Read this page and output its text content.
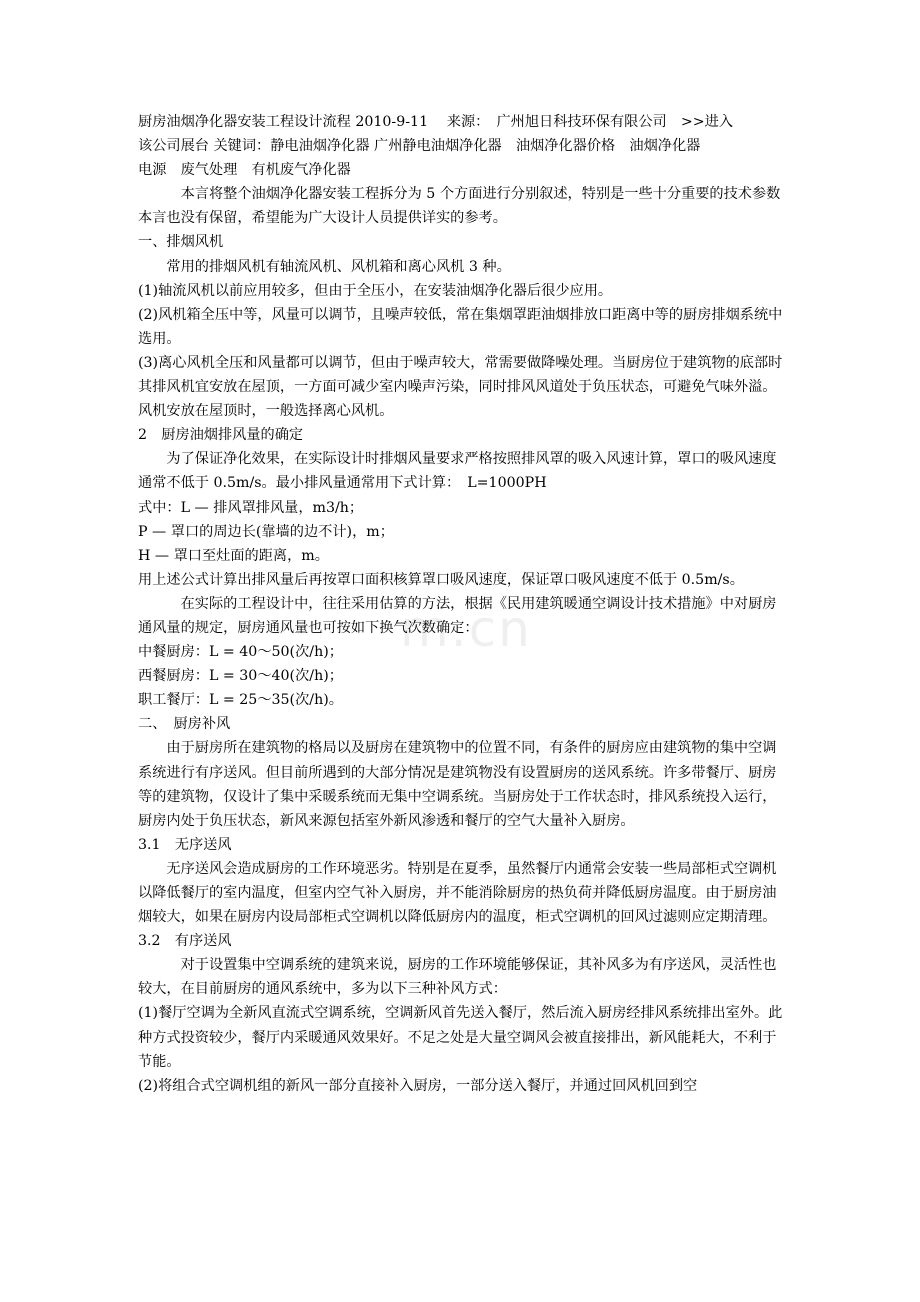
m.cn

厨房油烟净化器安装工程设计流程 2010-9-11　 来源：　广州旭日科技环保有限公司　>>进入

该公司展台 关键词：静电油烟净化器 广州静电油烟净化器　油烟净化器价格　油烟净化器

电源　废气处理　有机废气净化器

本言将整个油烟净化器安装工程拆分为 5 个方面进行分别叙述，特别是一些十分重要的技术参数本言也没有保留，希望能为广大设计人员提供详实的参考。

一、排烟风机

常用的排烟风机有轴流风机、风机箱和离心风机 3 种。

(1)轴流风机以前应用较多，但由于全压小，在安装油烟净化器后很少应用。

(2)风机箱全压中等，风量可以调节，且噪声较低，常在集烟罩距油烟排放口距离中等的厨房排烟系统中选用。

(3)离心风机全压和风量都可以调节，但由于噪声较大，常需要做降噪处理。当厨房位于建筑物的底部时其排风机宜安放在屋顶，一方面可减少室内噪声污染，同时排风风道处于负压状态，可避免气味外溢。风机安放在屋顶时，一般选择离心风机。

2　厨房油烟排风量的确定

为了保证净化效果，在实际设计时排烟风量要求严格按照排风罩的吸入风速计算，罩口的吸风速度通常不低于 0.5m/s。最小排风量通常用下式计算：　L=1000PH

式中：L — 排风罩排风量，m3/h；

P — 罩口的周边长(靠墙的边不计)，m；

H — 罩口至灶面的距离，m。

用上述公式计算出排风量后再按罩口面积核算罩口吸风速度，保证罩口吸风速度不低于 0.5m/s。

在实际的工程设计中，往往采用估算的方法，根据《民用建筑暖通空调设计技术措施》中对厨房通风量的规定，厨房通风量也可按如下换气次数确定：

中餐厨房：L = 40～50(次/h)；

西餐厨房：L = 30～40(次/h)；

职工餐厅：L = 25～35(次/h)。

二、　厨房补风

由于厨房所在建筑物的格局以及厨房在建筑物中的位置不同，有条件的厨房应由建筑物的集中空调系统进行有序送风。但目前所遇到的大部分情况是建筑物没有设置厨房的送风系统。许多带餐厅、厨房等的建筑物，仅设计了集中采暖系统而无集中空调系统。当厨房处于工作状态时，排风系统投入运行，厨房内处于负压状态，新风来源包括室外新风渗透和餐厅的空气大量补入厨房。

3.1　无序送风

无序送风会造成厨房的工作环境恶劣。特别是在夏季，虽然餐厅内通常会安装一些局部柜式空调机以降低餐厅的室内温度，但室内空气补入厨房，并不能消除厨房的热负荷并降低厨房温度。由于厨房油烟较大，如果在厨房内设局部柜式空调机以降低厨房内的温度，柜式空调机的回风过滤则应定期清理。

3.2　有序送风

对于设置集中空调系统的建筑来说，厨房的工作环境能够保证，其补风多为有序送风，灵活性也较大，在目前厨房的通风系统中，多为以下三种补风方式：

(1)餐厅空调为全新风直流式空调系统，空调新风首先送入餐厅，然后流入厨房经排风系统排出室外。此种方式投资较少，餐厅内采暖通风效果好。不足之处是大量空调风会被直接排出，新风能耗大，不利于节能。

(2)将组合式空调机组的新风一部分直接补入厨房，一部分送入餐厅，并通过回风机回到空
